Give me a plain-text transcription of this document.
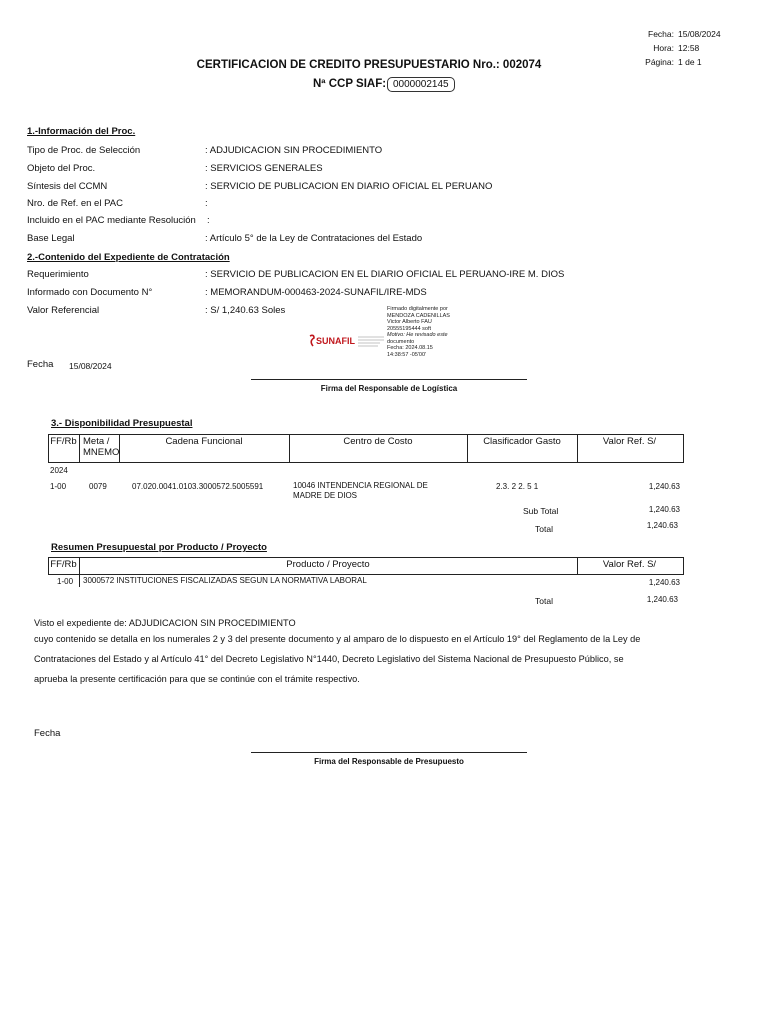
Fecha: 15/08/2024
Hora: 12:58
Página: 1 de 1
CERTIFICACION DE CREDITO PRESUPUESTARIO Nro.: 002074
Nª CCP SIAF: 0000002145
1.-Información del Proc.
Tipo de Proc. de Selección	: ADJUDICACION SIN PROCEDIMIENTO
Objeto del Proc.	: SERVICIOS GENERALES
Síntesis del CCMN	: SERVICIO DE PUBLICACION EN DIARIO OFICIAL EL PERUANO
Nro. de Ref. en el PAC	:
Incluido en el PAC mediante Resolución :
Base Legal	: Artículo 5° de la Ley de Contrataciones del Estado
2.-Contenido del Expediente de Contratación
Requerimiento	: SERVICIO DE PUBLICACION EN EL DIARIO OFICIAL EL PERUANO-IRE M. DIOS
Informado con Documento N°	: MEMORANDUM-000463-2024-SUNAFIL/IRE-MDS
Valor Referencial	: S/ 1,240.63 Soles
SUNAFIL
Firmado digitalmente por
MENDOZA CADENILLAS
Victor Alberto FAU
20555195444 soft
Motivo: He revisado este
documento
Fecha: 2024.08.15
14:38:57 -05'00'
Fecha 15/08/2024
Firma del Responsable de Logística
3.- Disponibilidad Presupuestal
FF/Rb Meta / MNEMO
Cadena Funcional	Centro de Costo	Clasificador Gasto	Valor Ref. S/
2024
1-00	0079	07.020.0041.0103.3000572.5005591	10046 INTENDENCIA REGIONAL DE
MADRE DE DIOS
2.3. 2 2. 5 1	1,240.63
Sub Total	1,240.63
Total	1,240.63
Resumen Presupuestal por Producto / Proyecto
FF/Rb	Producto / Proyecto	Valor Ref. S/
1-00 3000572 INSTITUCIONES FISCALIZADAS SEGUN LA NORMATIVA LABORAL	1,240.63
Total	1,240.63
Visto el expediente de: ADJUDICACION SIN PROCEDIMIENTO
cuyo contenido se detalla en los numerales 2 y 3 del presente documento y al amparo de lo dispuesto en el Artículo 19° del Reglamento de la Ley de
Contrataciones del Estado y al Artículo 41° del Decreto Legislativo N°1440, Decreto Legislativo del Sistema Nacional de Presupuesto Público, se
aprueba la presente certificación para que se continúe con el trámite respectivo.
Fecha
Firma del Responsable de Presupuesto
